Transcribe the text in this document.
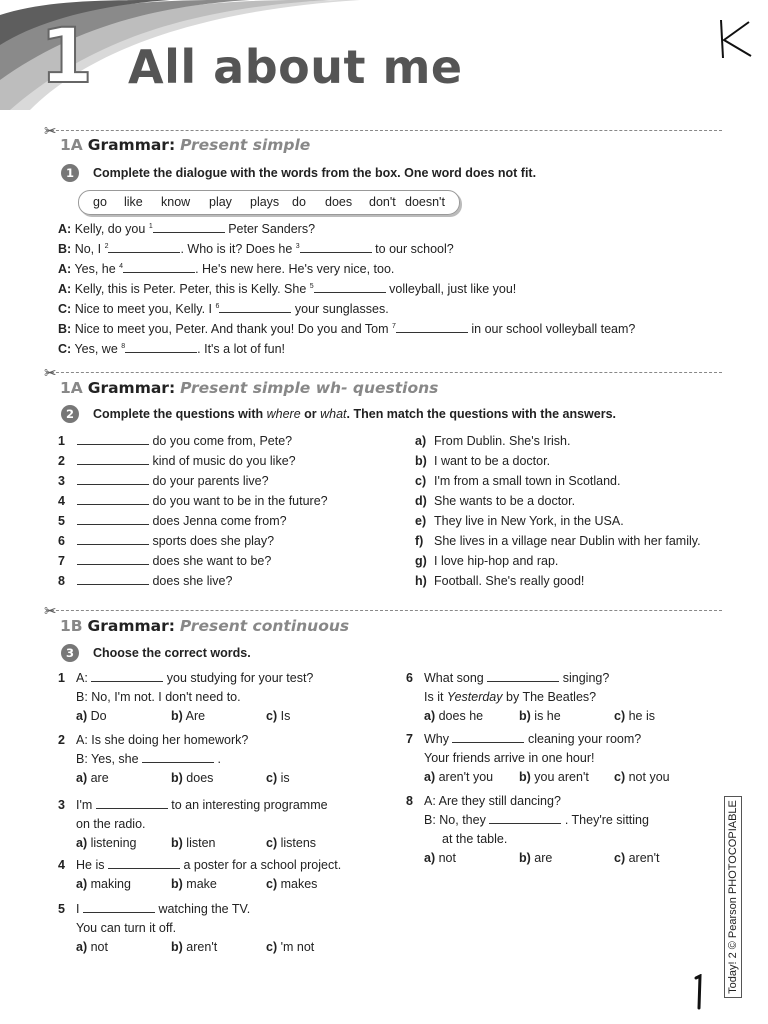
1 All about me
✂
1A Grammar: Present simple
1	Complete the dialogue with the words from the box. One word does not fit.
go like know play plays do does don't doesn't
A: Kelly, do you $^1$	Peter Sanders?
B: No, I $^2$	. Who is it? Does he $^3$	to our school?
A: Yes, he $^4$	. He's new here. He's very nice, too.
A: Kelly, this is Peter. Peter, this is Kelly. She $^5$	volleyball, just like you!
C: Nice to meet you, Kelly. I $^6$	your sunglasses.
B: Nice to meet you, Peter. And thank you! Do you and Tom $^7$	in our school volleyball team?
C: Yes, we $^8$	. It's a lot of fun!
✂
1A Grammar: Present simple wh- questions
2	Complete the questions with where or what. Then match the questions with the answers.
1	do you come from, Pete?
2	kind of music do you like?
3	do your parents live?
4	do you want to be in the future?
5	does Jenna come from?
6	sports does she play?
7	does she want to be?
8	does she live?
a) From Dublin. She's Irish.
b) I want to be a doctor.
c) I'm from a small town in Scotland.
d) She wants to be a doctor.
e) They live in New York, in the USA.
f) She lives in a village near Dublin with her family.
g) I love hip-hop and rap.
h) Football. She's really good!
✂
1B Grammar: Present continuous
3	Choose the correct words.
1 A:	you studying for your test?
B: No, I'm not. I don't need to.
a) Do	b) Are	c) Is
2 A: Is she doing her homework?
B: Yes, she	.
a) are	b) does	c) is
3 I'm	to an interesting programme
on the radio.
a) listening	b) listen	c) listens
4 He is	a poster for a school project.
a) making	b) make	c) makes
5 I	watching the TV.
You can turn it off.
a) not	b) aren't	c) 'm not
6 What song	singing?
Is it Yesterday by The Beatles?
a) does he	b) is he	c) he is
7 Why	cleaning your room?
Your friends arrive in one hour!
a) aren't you b) you aren't c) not you
8 A: Are they still dancing?
B: No, they	. They're sitting
at the table.
a) not	b) are	c) aren't	Today! 2 © Pearson PHOTOCOPIABLE
